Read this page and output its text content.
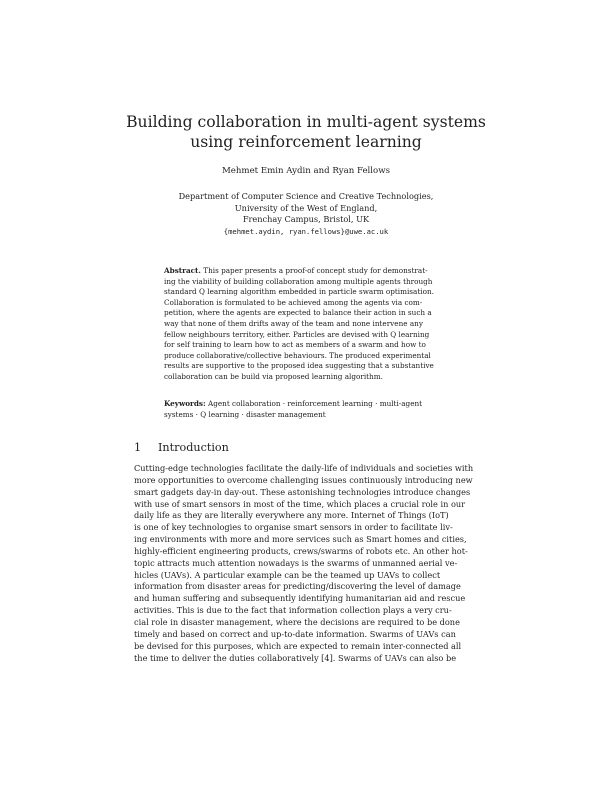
Building collaboration in multi-agent systems
using reinforcement learning
Mehmet Emin Aydin and Ryan Fellows
Department of Computer Science and Creative Technologies,
University of the West of England,
Frenchay Campus, Bristol, UK
{mehmet.aydin, ryan.fellows}@uwe.ac.uk
Abstract. This paper presents a proof-of concept study for demonstrat-
ing the viability of building collaboration among multiple agents through
standard Q learning algorithm embedded in particle swarm optimisation.
Collaboration is formulated to be achieved among the agents via com-
petition, where the agents are expected to balance their action in such a
way that none of them drifts away of the team and none intervene any
fellow neighbours territory, either. Particles are devised with Q learning
for self training to learn how to act as members of a swarm and how to
produce collaborative/collective behaviours. The produced experimental
results are supportive to the proposed idea suggesting that a substantive
collaboration can be build via proposed learning algorithm.
Keywords: Agent collaboration · reinforcement learning · multi-agent
systems · Q learning · disaster management
1 Introduction
Cutting-edge technologies facilitate the daily-life of individuals and societies with
more opportunities to overcome challenging issues continuously introducing new
smart gadgets day-in day-out. These astonishing technologies introduce changes
with use of smart sensors in most of the time, which places a crucial role in our
daily life as they are literally everywhere any more. Internet of Things (IoT)
is one of key technologies to organise smart sensors in order to facilitate liv-
ing environments with more and more services such as Smart homes and cities,
highly-efficient engineering products, crews/swarms of robots etc. An other hot-
topic attracts much attention nowadays is the swarms of unmanned aerial ve-
hicles (UAVs). A particular example can be the teamed up UAVs to collect
information from disaster areas for predicting/discovering the level of damage
and human suffering and subsequently identifying humanitarian aid and rescue
activities. This is due to the fact that information collection plays a very cru-
cial role in disaster management, where the decisions are required to be done
timely and based on correct and up-to-date information. Swarms of UAVs can
be devised for this purposes, which are expected to remain inter-connected all
the time to deliver the duties collaboratively [4]. Swarms of UAVs can also be
